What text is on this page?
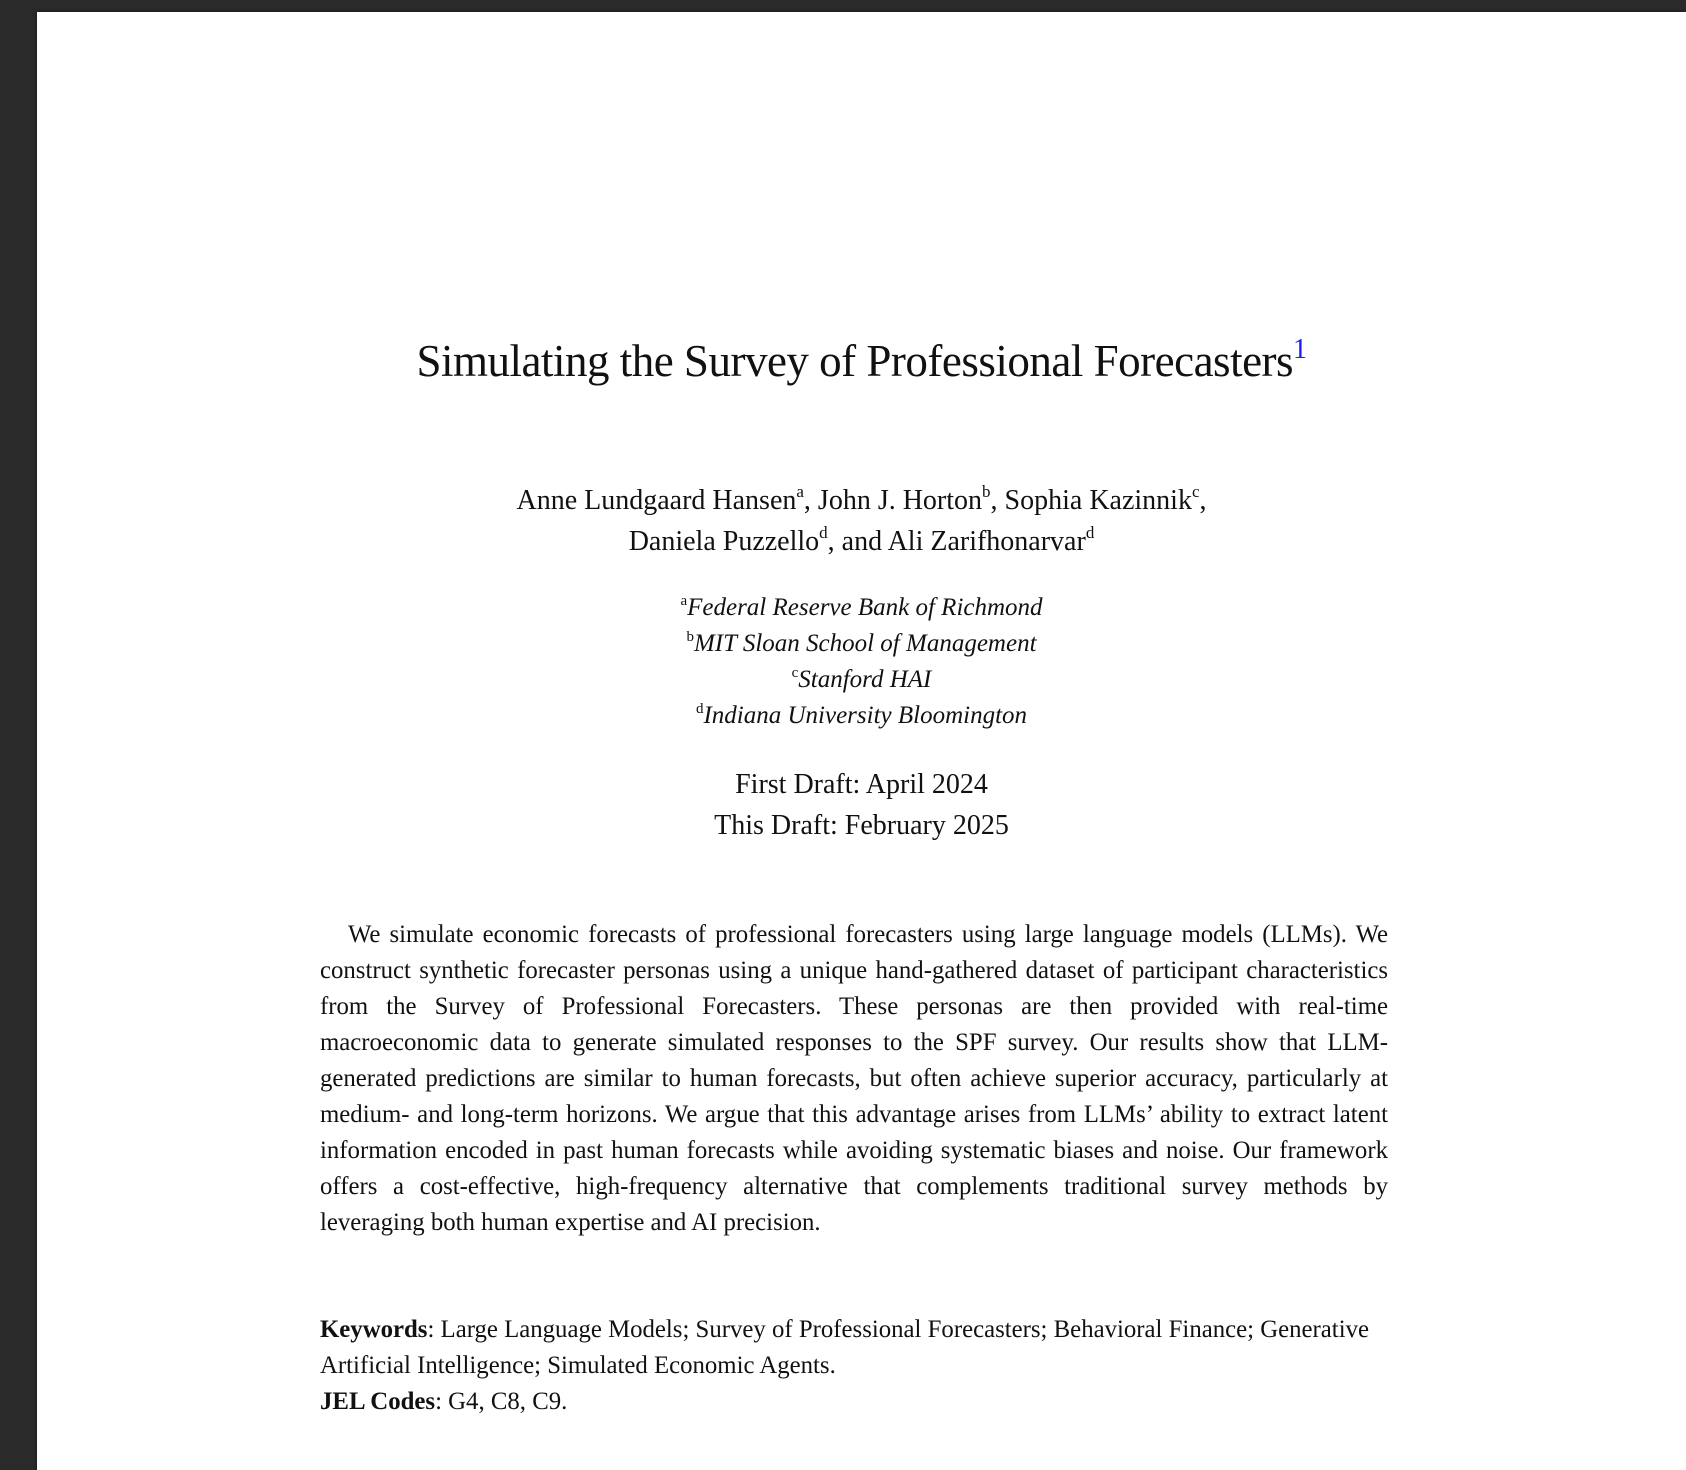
Simulating the Survey of Professional Forecasters$^1$
Anne Lundgaard Hansen$^a$, John J. Horton$^b$, Sophia Kazinnik$^c$,
Daniela Puzzello$^d$, and Ali Zarifhonarvar$^d$
$^a$Federal Reserve Bank of Richmond
$^b$MIT Sloan School of Management
$^c$Stanford HAI
$^d$Indiana University Bloomington
First Draft: April 2024
This Draft: February 2025

We simulate economic forecasts of professional forecasters using large language models (LLMs). We construct synthetic forecaster personas using a unique hand-gathered dataset of participant characteristics from the Survey of Professional Forecasters. These personas are then provided with real-time macroeconomic data to generate simulated responses to the SPF survey. Our results show that LLM-generated predictions are similar to human forecasts, but often achieve superior accuracy, particularly at medium- and long-term horizons. We argue that this advantage arises from LLMs’ ability to extract latent information encoded in past human forecasts while avoiding systematic biases and noise. Our framework offers a cost-effective, high-frequency alternative that complements traditional survey methods by leveraging both human expertise and AI precision.

Keywords: Large Language Models; Survey of Professional Forecasters; Behavioral Finance; Generative Artificial Intelligence; Simulated Economic Agents.
JEL Codes: G4, C8, C9.
